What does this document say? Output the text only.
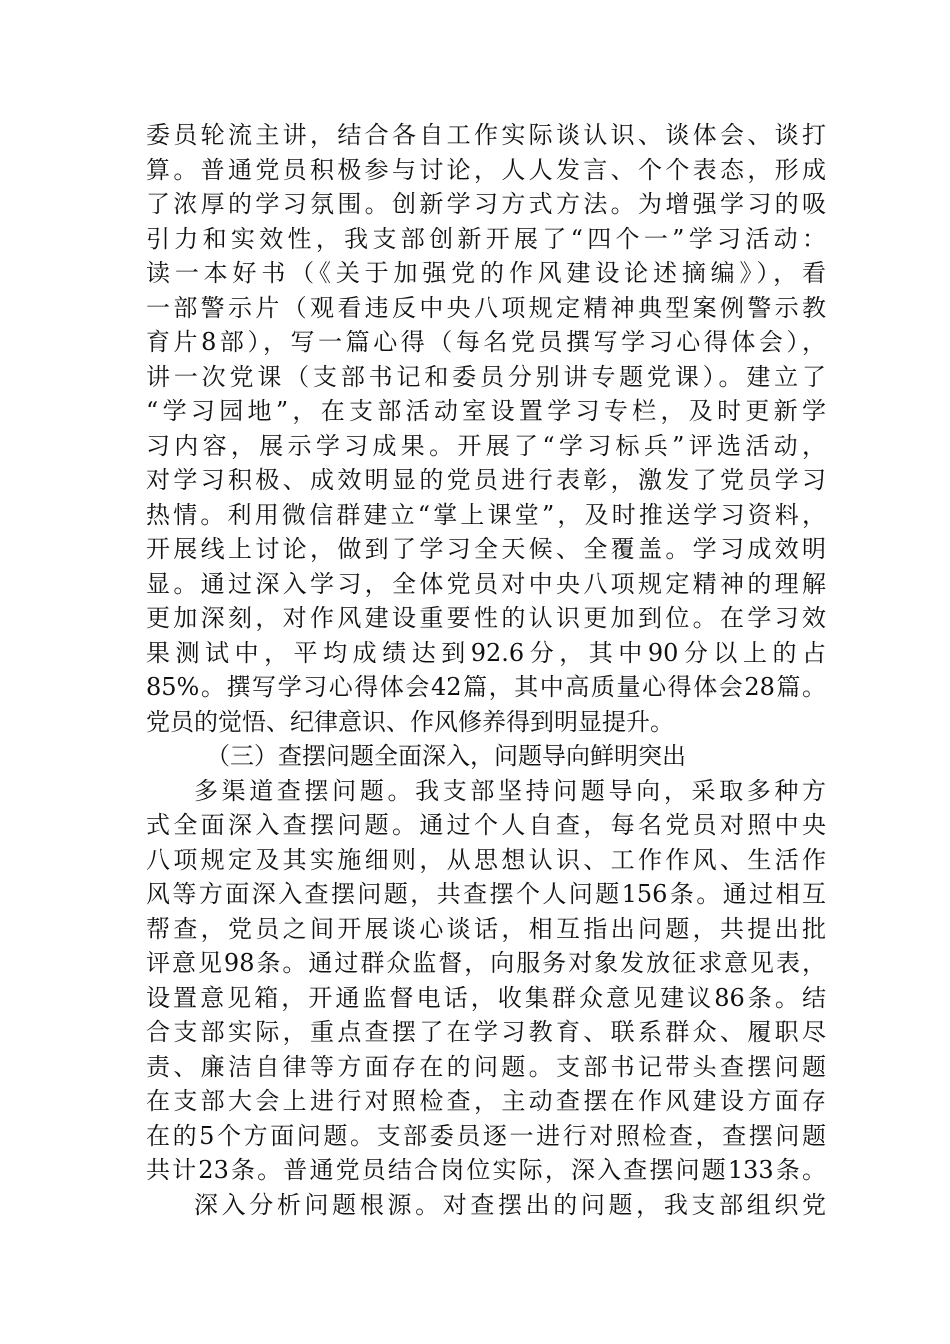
委员轮流主讲，结合各自工作实际谈认识、谈体会、谈打
算。普通党员积极参与讨论，人人发言、个个表态，形成
了浓厚的学习氛围。创新学习方式方法。为增强学习的吸
引力和实效性，我支部创新开展了“四个一”学习活动：
读一本好书（《关于加强党的作风建设论述摘编》），看
一部警示片（观看违反中央八项规定精神典型案例警示教
育片8部），写一篇心得（每名党员撰写学习心得体会），
讲一次党课（支部书记和委员分别讲专题党课）。建立了
“学习园地”，在支部活动室设置学习专栏，及时更新学
习内容，展示学习成果。开展了“学习标兵”评选活动，
对学习积极、成效明显的党员进行表彰，激发了党员学习
热情。利用微信群建立“掌上课堂”，及时推送学习资料，
开展线上讨论，做到了学习全天候、全覆盖。学习成效明
显。通过深入学习，全体党员对中央八项规定精神的理解
更加深刻，对作风建设重要性的认识更加到位。在学习效
果测试中，平均成绩达到92.6分，其中90分以上的占
85%。撰写学习心得体会42篇，其中高质量心得体会28篇。
党员的觉悟、纪律意识、作风修养得到明显提升。
（三）查摆问题全面深入，问题导向鲜明突出
多渠道查摆问题。我支部坚持问题导向，采取多种方
式全面深入查摆问题。通过个人自查，每名党员对照中央
八项规定及其实施细则，从思想认识、工作作风、生活作
风等方面深入查摆问题，共查摆个人问题156条。通过相互
帮查，党员之间开展谈心谈话，相互指出问题，共提出批
评意见98条。通过群众监督，向服务对象发放征求意见表，
设置意见箱，开通监督电话，收集群众意见建议86条。结
合支部实际，重点查摆了在学习教育、联系群众、履职尽
责、廉洁自律等方面存在的问题。支部书记带头查摆问题
在支部大会上进行对照检查，主动查摆在作风建设方面存
在的5个方面问题。支部委员逐一进行对照检查，查摆问题
共计23条。普通党员结合岗位实际，深入查摆问题133条。
深入分析问题根源。对查摆出的问题，我支部组织党
